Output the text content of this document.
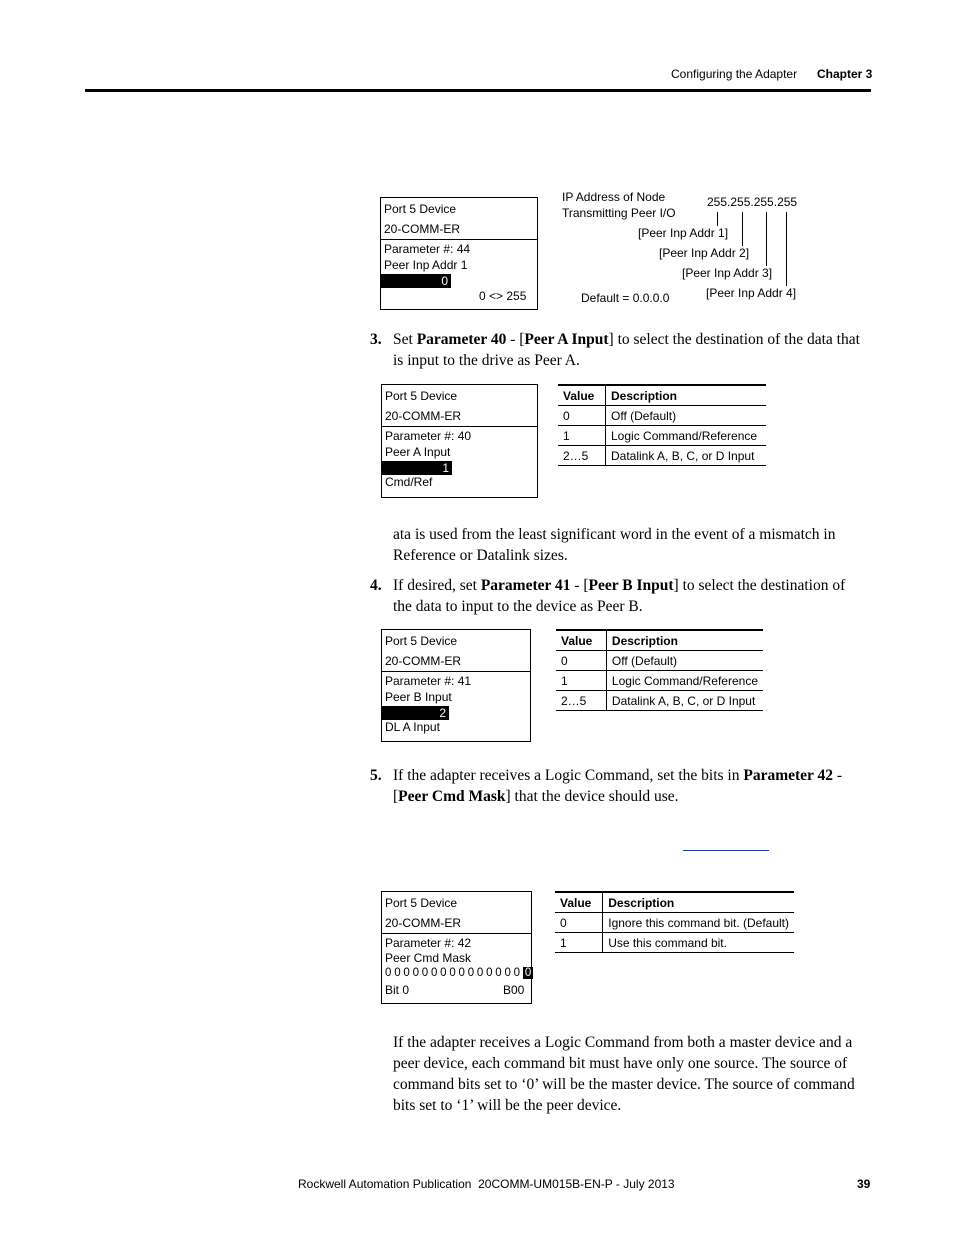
Configuring the Adapter Chapter 3
Port 5 Device
20-COMM-ER
Parameter #: 44
Peer Inp Addr 1
0
0 <> 255
IP Address of Node
Transmitting Peer I/O
255.255.255.255
[Peer Inp Addr 1]
[Peer Inp Addr 2]
[Peer Inp Addr 3]
[Peer Inp Addr 4]
Default = 0.0.0.0
3. Set Parameter 40 - [Peer A Input] to select the destination of the data that
is input to the drive as Peer A.
Port 5 Device
20-COMM-ER
Parameter #: 40
Peer A Input
1
Cmd/Ref
Value	Description
0	Off (Default)
1	Logic Command/Reference
2…5	Datalink A, B, C, or D Input
ata is used from the least significant word in the event of a mismatch in
Reference or Datalink sizes.
4. If desired, set Parameter 41 - [Peer B Input] to select the destination of
the data to input to the device as Peer B.
Port 5 Device
20-COMM-ER
Parameter #: 41
Peer B Input
2
DL A Input
Value	Description
0	Off (Default)
1	Logic Command/Reference
2…5	Datalink A, B, C, or D Input
5. If the adapter receives a Logic Command, set the bits in Parameter 42 -
[Peer Cmd Mask] that the device should use.
Port 5 Device
20-COMM-ER
Parameter #: 42
Peer Cmd Mask
0 0 0 0 0 0 0 0 0 0 0 0 0 0 0 0
Bit 0	B00
Value	Description
0	Ignore this command bit. (Default)
1	Use this command bit.
If the adapter receives a Logic Command from both a master device and a
peer device, each command bit must have only one source. The source of
command bits set to ‘0’ will be the master device. The source of command
bits set to ‘1’ will be the peer device.
Rockwell Automation Publication  20COMM-UM015B-EN-P - July 2013	39
